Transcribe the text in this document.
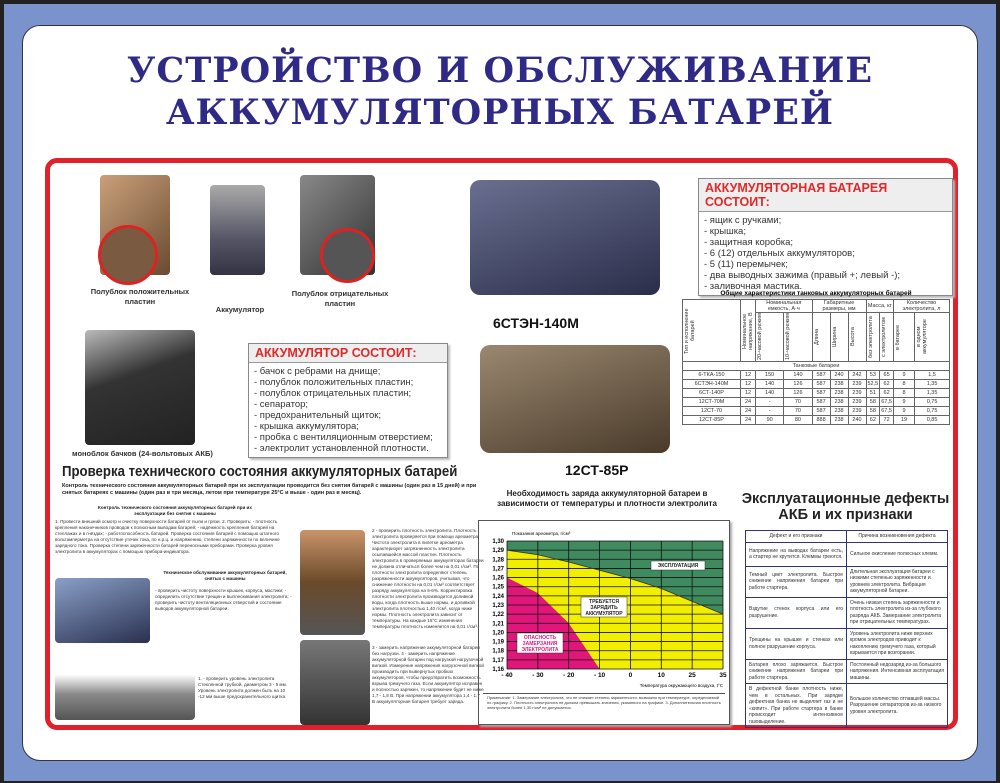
УСТРОЙСТВО И ОБСЛУЖИВАНИЕ
АККУМУЛЯТОРНЫХ БАТАРЕЙ
Полублок положительных пластин
Аккумулятор
Полублок отрицательных пластин
моноблок бачков (24-вольтовых АКБ)
6СТЭН-140М
12СТ-85Р
АККУМУЛЯТОР СОСТОИТ:
- бачок с ребрами на днище;
- полублок положительных пластин;
- полублок отрицательных пластин;
- сепаратор;
- предохранительный щиток;
- крышка аккумулятора;
- пробка с вентиляционным отверстием;
- электролит установленной плотности.
АККУМУЛЯТОРНАЯ БАТАРЕЯ СОСТОИТ:
- ящик с ручками;
- крышка;
- защитная коробка;
- 6 (12) отдельных аккумуляторов;
- 5 (11) перемычек;
- два выводных зажима (правый +; левый -);
- заливочная мастика.
Общие характеристики танковых аккумуляторных батарей
Тип и исполнение батарей	Номинальное напряжение, В	Номинальная емкость, А·ч		Габаритные размеры, мм			Масса, кг		Количество электролита, л	

		20-часовой режим	10-часовой режим	Длина	Ширина	Высота	без электролита	с электролитом	в батарее	в одном аккумуляторе

Танковые батареи										
6-ТКА-150	12	150	140	587	240	242	53	65	9	1,5
6СТЭН-140М	12	140	126	587	238	239	52,5	62	8	1,35
6СТ-140Р	12	140	126	587	238	239	51	62	8	1,35
12СТ-70М	24	-	70	587	238	239	58	67,5	9	0,75
12СТ-70	24	-	70	587	238	239	58	67,5	9	0,75
12СТ-85Р	24	90	80	888	238	240	62	72	19	0,85
Проверка технического состояния аккумуляторных батарей
Контроль технического состояния аккумуляторных батарей при их эксплуатации проводится без снятия батарей с машины (один раз в 15 дней) и при снятых батареях с машины (один раз в три месяца, летом при температуре 25°С и выше - один раз в месяц).
Контроль технического состояния аккумуляторных батарей при их эксплуатации без снятия с машины
1. Провести внешний осмотр и очистку поверхности батарей от пыли и грязи. 2. Проверить: - плотность крепления наконечников проводов к полюсным выводам батарей; - надёжность крепления батарей на стеллажах и в гнёздах; - работоспособность батарей. Проверка состояния батарей с помощью штатного вольтамперметра на отсутствие утечек тока, по н.р.ц. и напряжению, степени заряженности по величине зарядного тока. Проверка степени заряженности батарей переносными приборами. Проверка уровня электролита в аккумуляторах с помощью прибора-индикатора.
Техническое обслуживание аккумуляторных батарей, снятых с машины
- проверить чистоту поверхности крышек, корпуса, мастики; - определить отсутствие трещин и выплескивания электролита; - проверить чистоту вентиляционных отверстий и состояние выводов аккумуляторной батареи.
1. - проверить уровень электролита Стеклянной трубкой, диаметром 3 - 5 мм. Уровень электролита должен быть на 10 -12 мм выше предохранительного щитка.
2 - проверить плотность электролита. Плотность электролита проверяется при помощи ареометра. Чистота электролита в пипетке ареометра характеризует загрязненность электролита осыпавшейся массой пластин. Плотность электролита в проверяемых аккумуляторах батареи не должна отличаться более чем на 0,01 г/см³. По плотности электролита определяют степень разряженности аккумуляторов, учитывая, что снижение плотности на 0,01 г/см³ соответствует разряду аккумулятора на 5-6%. Корректировка плотности электролита производится доливкой воды, когда плотность выше нормы, и доливкой электролита плотностью 1,40 г/см³, когда ниже нормы. Плотность электролита зависит от температуры. На каждые 15°С изменения температуры плотность изменяется на 0,01 г/см³.
3 - замерить напряжение аккумуляторной батареи без нагрузки. 4 - замерить напряжение аккумуляторной батареи под нагрузкой нагрузочной вилкой. Измерение напряжения нагрузочной вилкой производить при вывернутых пробках аккумуляторов, чтобы предотвратить возможность взрыва гремучего газа. Если аккумулятор исправен и полностью заряжен, то напряжение будет не ниже 1,7 - 1,8 В. При напряжении аккумулятора 1,4 - 1,7 В аккумуляторная батарея требует заряда.
Необходимость заряда аккумуляторной батареи в зависимости от температуры и плотности электролита
1,30
1,29
1,28
1,27
1,26
1,25
1,24
1,23
1,22
1,21
1,20
1,19
1,18
1,17
1,16
- 40	- 30	- 20	- 10	0	10	25	35
Показания ареометра, г/см³
Температура окружающего воздуха, t°C
ЭКСПЛУАТАЦИЯ
ТРЕБУЕТСЯ
ЗАРЯДИТЬ
АККУМУЛЯТОР
ОПАСНОСТЬ
ЗАМЕРЗАНИЯ
ЭЛЕКТРОЛИТА
Примечание: 1. Замерзание электролита, что не снижает степень заряженности, возможно при температуре, определяемой по графику. 2. Плотность электролита не должна превышать значения, указанного на графике. 3. Дополнительная плотность электролита более 1,30 г/см³ не допускается.
Эксплуатационные дефекты АКБ и их признаки
Дефект и его признаки	Причина возникновения дефекта
Напряжение на выводах батареи есть, а стартер не крутится. Клеммы греются.	Сильное окисление полюсных клемм.
Темный цвет электролита. Быстрое снижение напряжения батареи при работе стартера.	Длительная эксплуатация батареи с низкими степенью заряженности и уровнем электролита. Вибрация аккумуляторной батареи.
Вздутие стенок корпуса или его разрушение.	Очень низкая степень заряженности и плотность электролита из-за глубокого разряда АКБ. Замерзание электролита при отрицательных температурах.
Трещины на крышке и стенках или полное разрушение корпуса.	Уровень электролита ниже верхних кромок электродов приводит к накоплению гремучего газа, который взрывается при возгорании.
Батарея плохо заряжается. Быстрое снижение напряжения батареи при работе стартера.	Постоянный недозаряд из-за большого напряжения. Интенсивная эксплуатация машины.
В дефектной банке плотность ниже, чем в остальных. При зарядке дефектная банка не выделяет газ и не «кипит». При работе стартера в банке происходит интенсивное газовыделение.	Большое количество отпавшей массы. Разрушение сепараторов из-за низкого уровня электролита.
